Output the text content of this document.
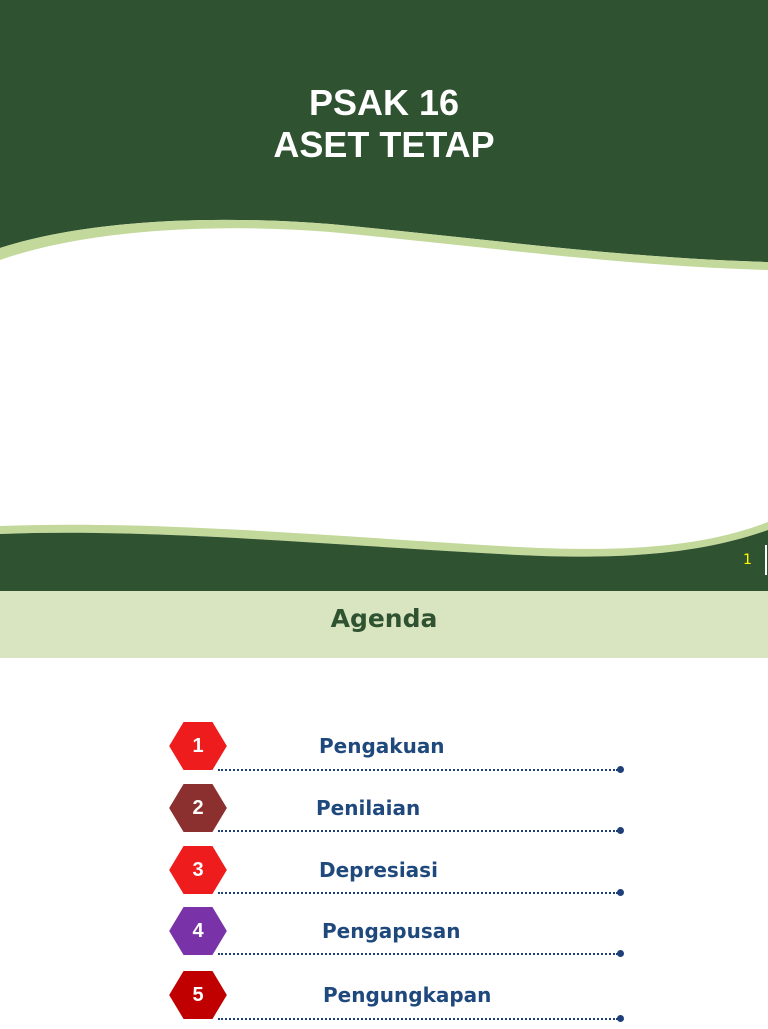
PSAK 16
ASET TETAP
1
Agenda
1	Pengakuan
2	Penilaian
3	Depresiasi
4	Pengapusan
5	Pengungkapan
